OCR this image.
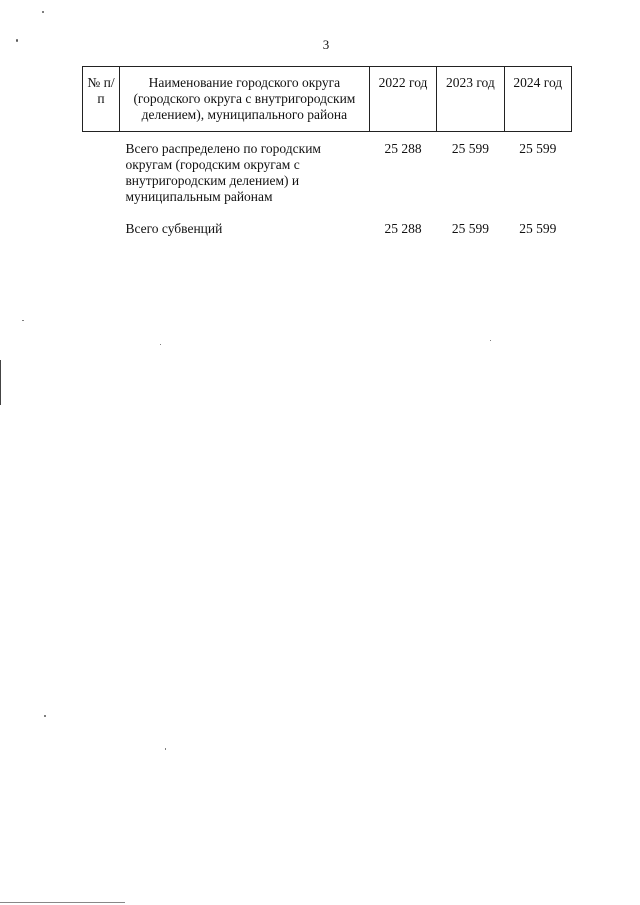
3
№ п/п	Наименование городского округа (городского округа с внутригородским делением), муниципального района	2022 год	2023 год	2024 год
	Всего распределено по городским округам (городским округам с внутригородским делением) и муниципальным районам	25 288	25 599	25 599
	Всего субвенций	25 288	25 599	25 599
